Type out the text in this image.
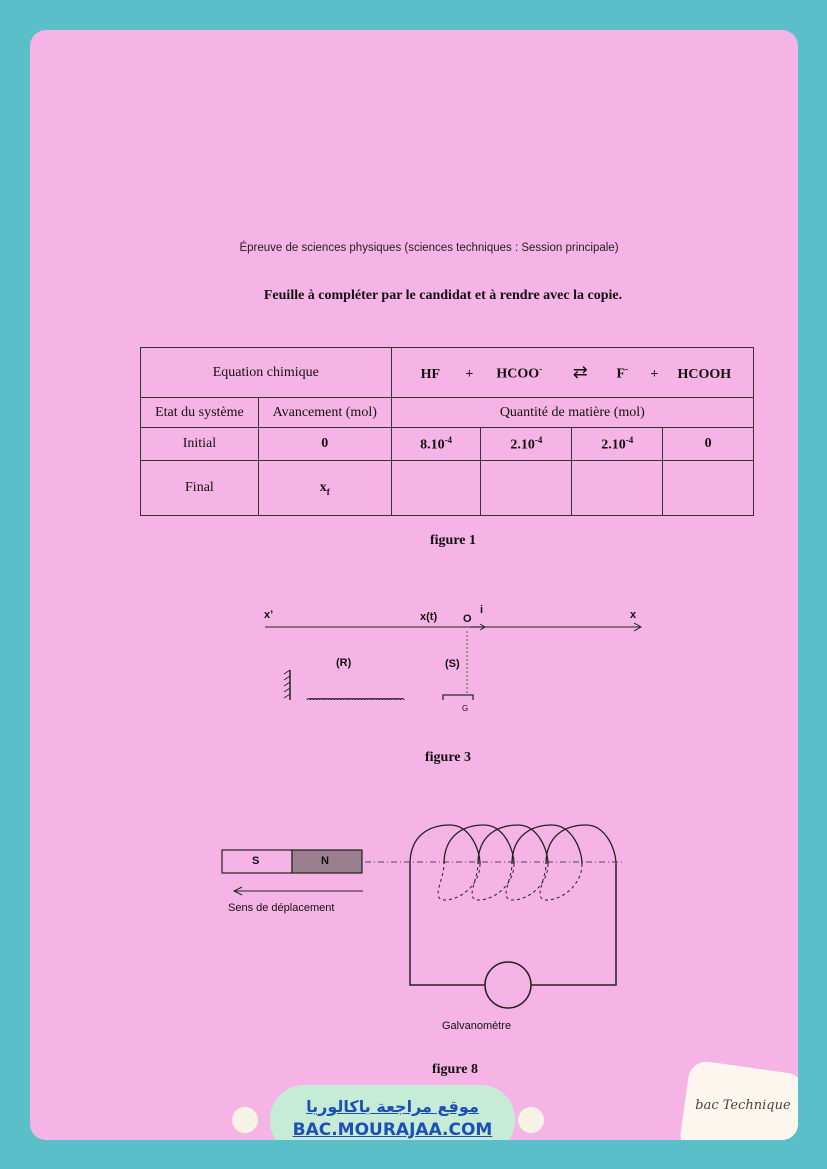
Épreuve de sciences physiques (sciences techniques : Session principale)
Feuille à compléter par le candidat et à rendre avec la copie.
Equation chimique		HF + HCOO- ⇄ F- + HCOOH			
Etat du système	Avancement (mol)	Quantité de matière (mol)			
Initial	0	$8.10^{-4}$	$2.10^{-4}$	$2.10^{-4}$	0
Final	$x_f$				
figure 1
x’	x
x(t) O
i
(R)	(S)
G
figure 3
S	N
Sens de déplacement
Galvanomètre
figure 8
موقع مراجعة باكالوريا
BAC.MOURAJAA.COM
bac Technique
